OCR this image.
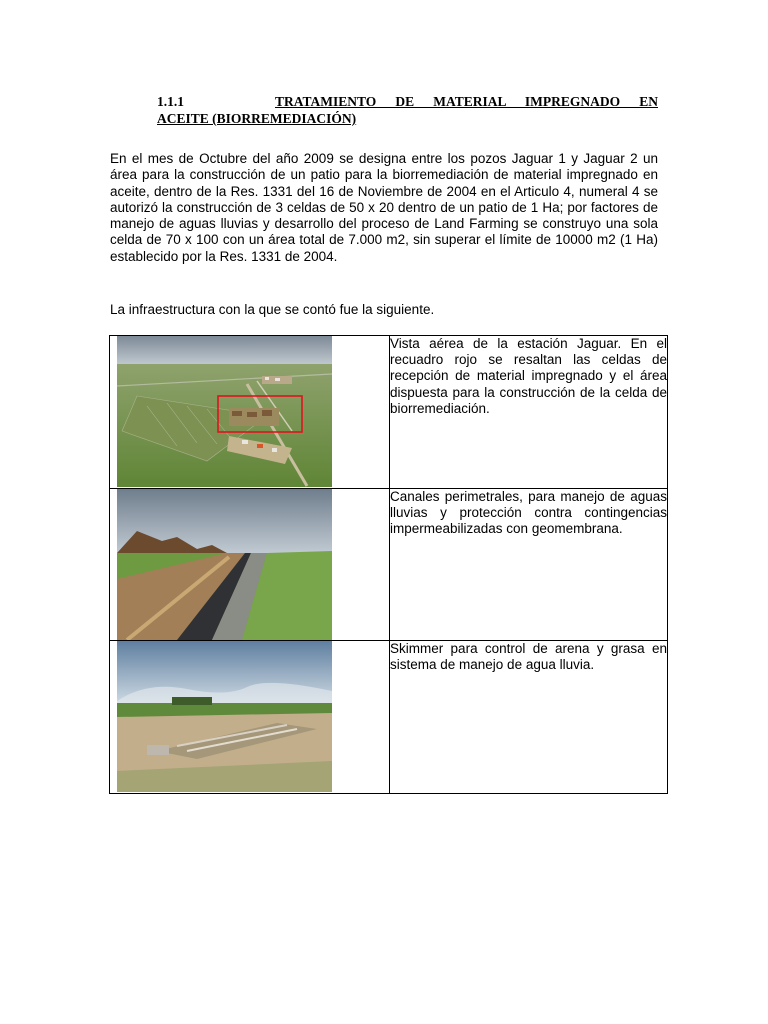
1.1.1	TRATAMIENTO DE MATERIAL IMPREGNADO EN
ACEITE (BIORREMEDIACIÓN)

En el mes de Octubre del año 2009 se designa entre los pozos Jaguar 1 y Jaguar 2 un área para la construcción de un patio para la biorremediación de material impregnado en aceite, dentro de la Res. 1331 del 16 de Noviembre de 2004 en el Articulo 4, numeral 4 se autorizó la construcción de 3 celdas de 50 x 20 dentro de un patio de 1 Ha; por factores de manejo de aguas lluvias y desarrollo del proceso de Land Farming se construyo una sola celda de 70 x 100 con un área total de 7.000 m2, sin superar el límite de 10000 m2 (1 Ha) establecido por la Res. 1331 de 2004.

La infraestructura con la que se contó fue la siguiente.

	Vista aérea de la estación Jaguar. En el recuadro rojo se resaltan las celdas de recepción de material impregnado y el área dispuesta para la construcción de la celda de biorremediación.

	Canales perimetrales, para manejo de aguas lluvias y protección contra contingencias impermeabilizadas con geomembrana.

	Skimmer para control de arena y grasa en sistema de manejo de agua lluvia.
